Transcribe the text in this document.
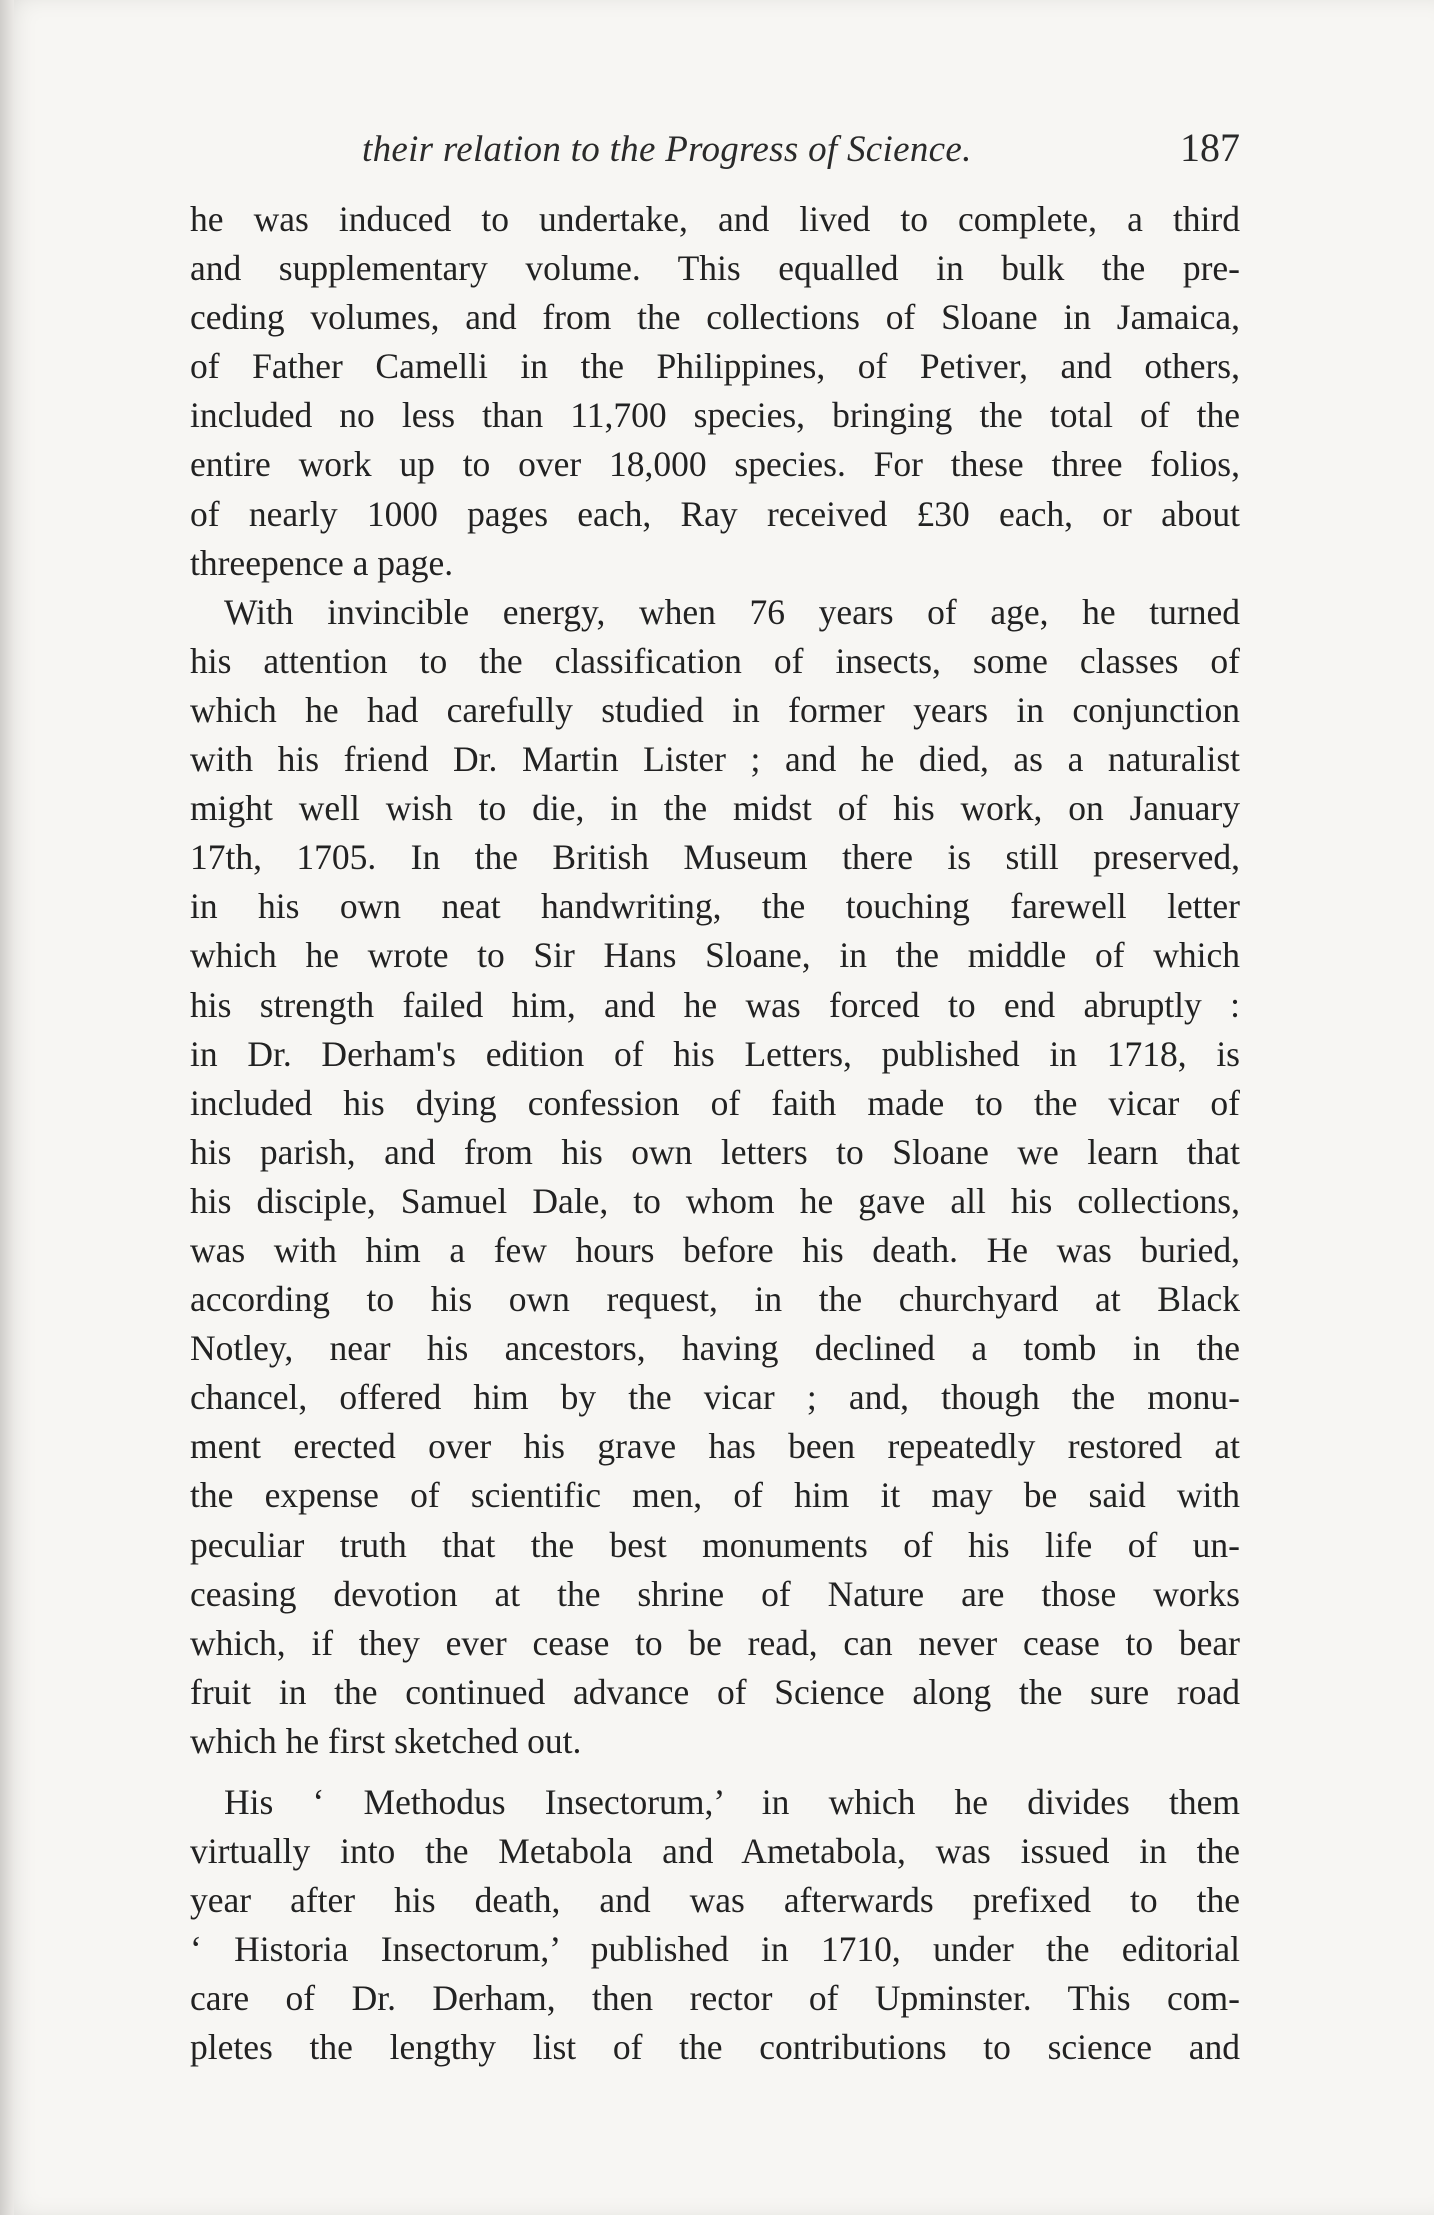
their relation to the Progress of Science.	187
he was induced to undertake, and lived to complete, a third
and supplementary volume. This equalled in bulk the pre-
ceding volumes, and from the collections of Sloane in Jamaica,
of Father Camelli in the Philippines, of Petiver, and others,
included no less than 11,700 species, bringing the total of the
entire work up to over 18,000 species. For these three folios,
of nearly 1000 pages each, Ray received £30 each, or about
threepence a page.
With invincible energy, when 76 years of age, he turned
his attention to the classification of insects, some classes of
which he had carefully studied in former years in conjunction
with his friend Dr. Martin Lister ; and he died, as a naturalist
might well wish to die, in the midst of his work, on January
17th, 1705. In the British Museum there is still preserved,
in his own neat handwriting, the touching farewell letter
which he wrote to Sir Hans Sloane, in the middle of which
his strength failed him, and he was forced to end abruptly :
in Dr. Derham's edition of his Letters, published in 1718, is
included his dying confession of faith made to the vicar of
his parish, and from his own letters to Sloane we learn that
his disciple, Samuel Dale, to whom he gave all his collections,
was with him a few hours before his death. He was buried,
according to his own request, in the churchyard at Black
Notley, near his ancestors, having declined a tomb in the
chancel, offered him by the vicar ; and, though the monu-
ment erected over his grave has been repeatedly restored at
the expense of scientific men, of him it may be said with
peculiar truth that the best monuments of his life of un-
ceasing devotion at the shrine of Nature are those works
which, if they ever cease to be read, can never cease to bear
fruit in the continued advance of Science along the sure road
which he first sketched out.
His ‘ Methodus Insectorum,’ in which he divides them
virtually into the Metabola and Ametabola, was issued in the
year after his death, and was afterwards prefixed to the
‘ Historia Insectorum,’ published in 1710, under the editorial
care of Dr. Derham, then rector of Upminster. This com-
pletes the lengthy list of the contributions to science and
